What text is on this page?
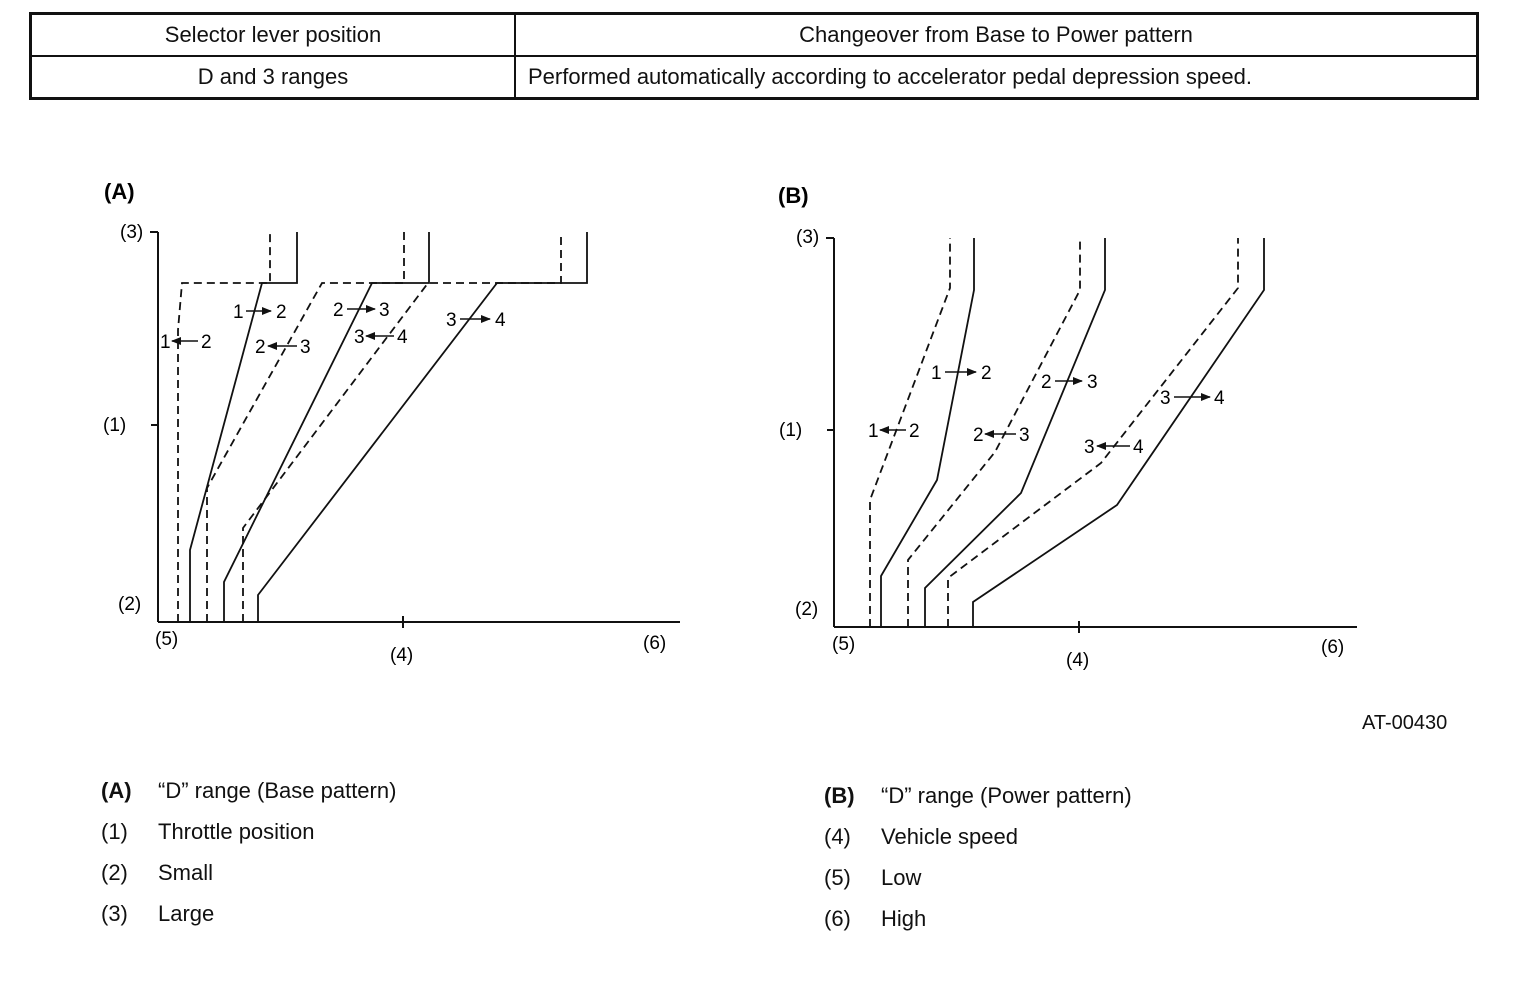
Selector lever position	Changeover from Base to Power pattern
D and 3 ranges	Performed automatically according to accelerator pedal depression speed.
(A)
(3)
(1)
(2)
(5)
(4)
(6)
1 2 2 3	3 4
1 2 2 3 3 4
(B)
(3)
(1)
(2)
(5)
(4)
(6)
1 2	2 3
3 4
1 2	2 3
3 4
AT-00430
(A) “D” range (Base pattern)
(1) Throttle position
(2) Small
(3) Large
(B) “D” range (Power pattern)
(4) Vehicle speed
(5) Low
(6) High
